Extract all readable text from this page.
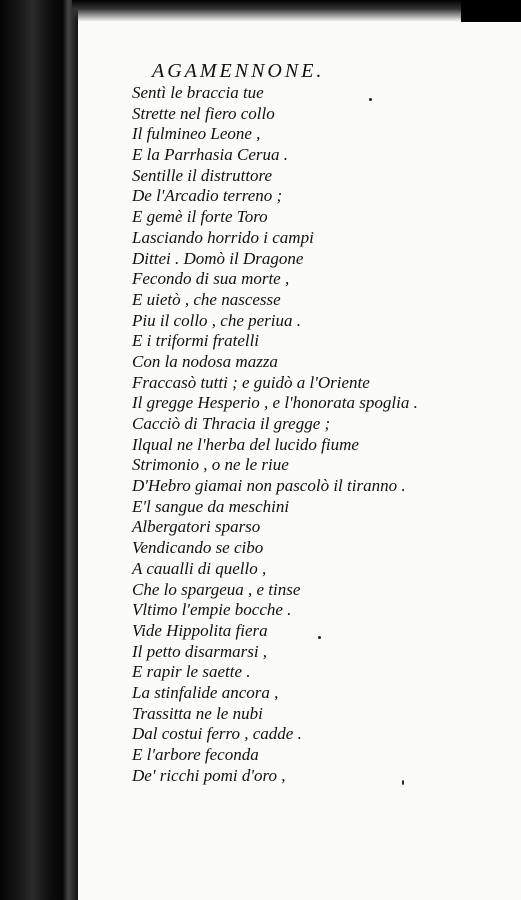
AGAMENNONE.
Sentì le braccia tue
Strette nel fiero collo
Il fulmineo Leone ,
E la Parrhasia Cerua .
Sentille il distruttore
De l'Arcadio terreno ;
E gemè il forte Toro
Lasciando horrido i campi
Dittei . Domò il Dragone
Fecondo di sua morte ,
E uietò , che nascesse
Piu il collo , che periua .
E i triformi fratelli
Con la nodosa mazza
Fraccasò tutti ; e guidò a l'Oriente
Il gregge Hesperio , e l'honorata spoglia .
Cacciò di Thracia il gregge ;
Ilqual ne l'herba del lucido fiume
Strimonio , o ne le riue
D'Hebro giamai non pascolò il tiranno .
E'l sangue da meschini
Albergatori sparso
Vendicando se cibo
A caualli di quello ,
Che lo spargeua , e tinse
Vltimo l'empie bocche .
Vide Hippolita fiera
Il petto disarmarsi ,
E rapir le saette .
La stinfalide ancora ,
Trassitta ne le nubi
Dal costui ferro , cadde .
E l'arbore feconda
De' ricchi pomi d'oro ,
